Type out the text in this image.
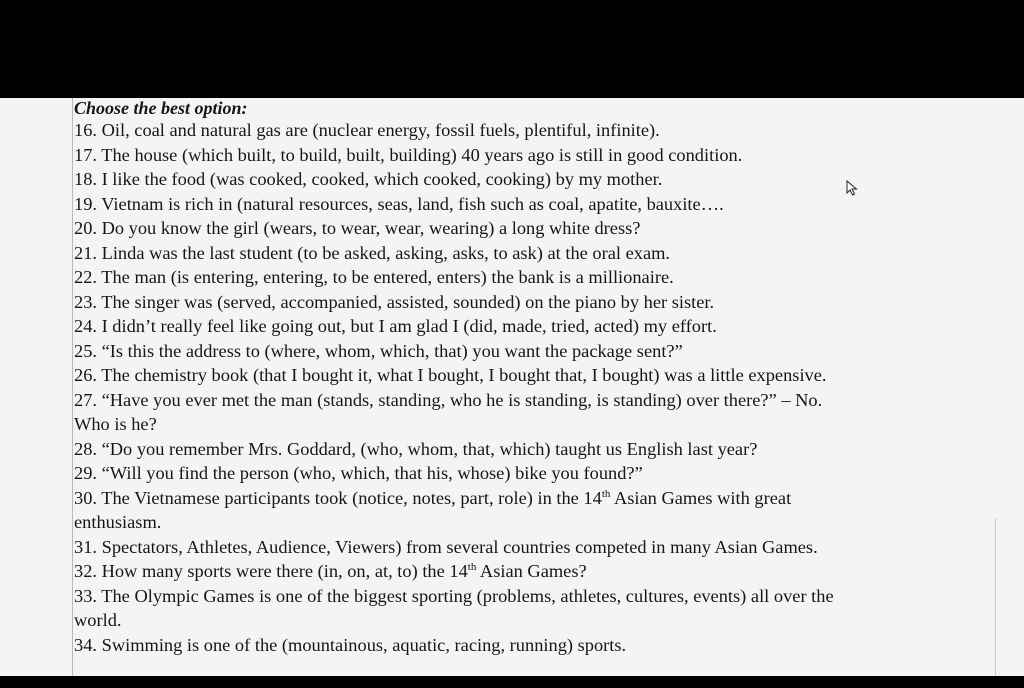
Choose the best option:
16. Oil, coal and natural gas are (nuclear energy, fossil fuels, plentiful, infinite).
17. The house (which built, to build, built, building) 40 years ago is still in good condition.
18. I like the food (was cooked, cooked, which cooked, cooking) by my mother.
19. Vietnam is rich in (natural resources, seas, land, fish such as coal, apatite, bauxite….
20. Do you know the girl (wears, to wear, wear, wearing) a long white dress?
21. Linda was the last student (to be asked, asking, asks, to ask) at the oral exam.
22. The man (is entering, entering, to be entered, enters) the bank is a millionaire.
23. The singer was (served, accompanied, assisted, sounded) on the piano by her sister.
24. I didn’t really feel like going out, but I am glad I (did, made, tried, acted) my effort.
25. “Is this the address to (where, whom, which, that) you want the package sent?”
26. The chemistry book (that I bought it, what I bought, I bought that, I bought) was a little expensive.
27. “Have you ever met the man (stands, standing, who he is standing, is standing) over there?” – No.
Who is he?
28. “Do you remember Mrs. Goddard, (who, whom, that, which) taught us English last year?
29. “Will you find the person (who, which, that his, whose) bike you found?”
30. The Vietnamese participants took (notice, notes, part, role) in the 14th Asian Games with great
enthusiasm.
31. Spectators, Athletes, Audience, Viewers) from several countries competed in many Asian Games.
32. How many sports were there (in, on, at, to) the 14th Asian Games?
33. The Olympic Games is one of the biggest sporting (problems, athletes, cultures, events) all over the
world.
34. Swimming is one of the (mountainous, aquatic, racing, running) sports.
